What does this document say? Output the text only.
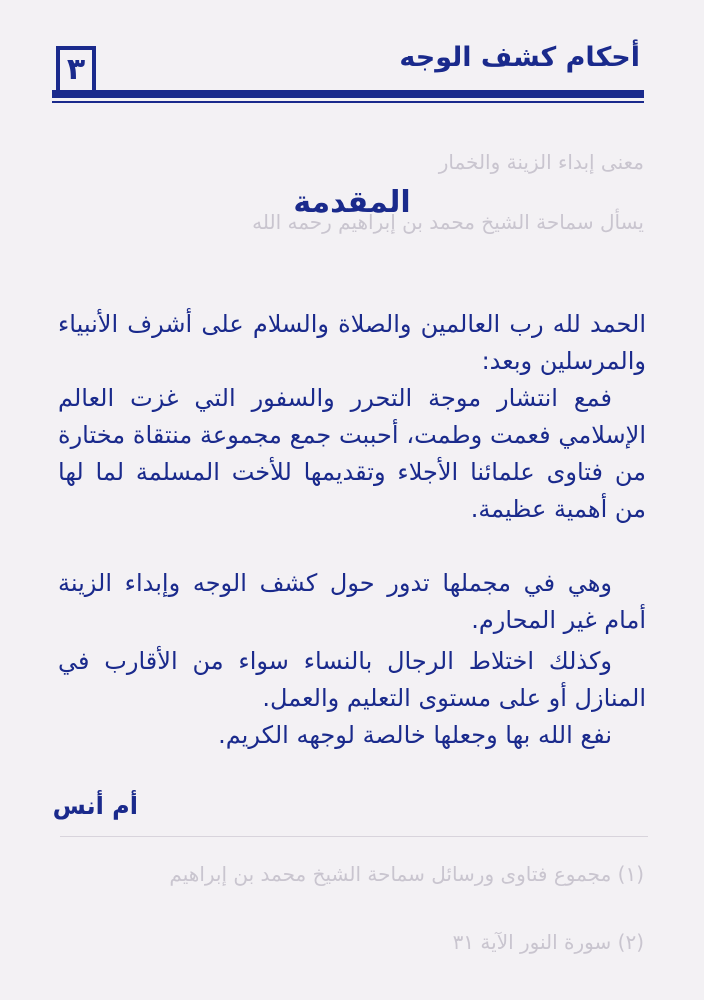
معنى إبداء الزينة والخمار
يسأل سماحة الشيخ محمد بن إبراهيم رحمه الله
(١) مجموع فتاوى ورسائل سماحة الشيخ محمد بن إبراهيم
(٢) سورة النور الآية ٣١
أحكام كشف الوجه
٣
المقدمة
الحمد لله رب العالمين والصلاة والسلام على أشرف الأنبياء والمرسلين وبعد:
فمع انتشار موجة التحرر والسفور التي غزت العالم الإسلامي فعمت وطمت، أحببت جمع مجموعة منتقاة مختارة من فتاوى علمائنا الأجلاء وتقديمها للأخت المسلمة لما لها من أهمية عظيمة.
وهي في مجملها تدور حول كشف الوجه وإبداء الزينة أمام غير المحارم.
وكذلك اختلاط الرجال بالنساء سواء من الأقارب في المنازل أو على مستوى التعليم والعمل.
نفع الله بها وجعلها خالصة لوجهه الكريم.
أم أنس
